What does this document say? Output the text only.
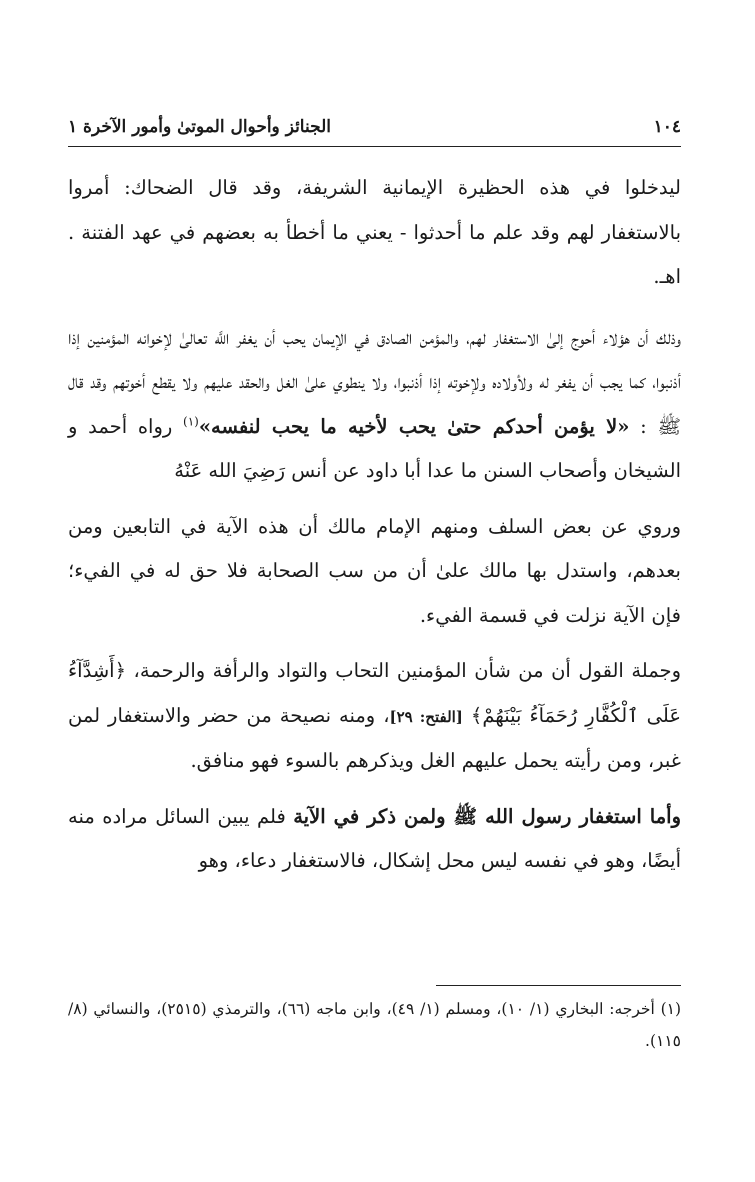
١٠٤
الجنائز وأحوال الموتىٰ وأمور الآخرة ١

ليدخلوا في هذه الحظيرة الإيمانية الشريفة، وقد قال الضحاك: أمروا بالاستغفار لهم وقد علم ما أحدثوا - يعني ما أخطأ به بعضهم في عهد الفتنة . اهـ.

وذلك أن هؤلاء أحوج إلىٰ الاستغفار لهم، والمؤمن الصادق في الإيمان يحب أن يغفر اللَّه تعالىٰ لإخوانه المؤمنين إذا أذنبوا، كما يجب أن يفغر له ولأولاده ولإخوته إذا أذنبوا، ولا ينطوي علىٰ الغل والحقد عليهم ولا يقطع أخوتهم وقد قال ﷺ : «لا يؤمن أحدكم حتىٰ يحب لأخيه ما يحب لنفسه»$^{(١)}$ رواه أحمد و الشيخان وأصحاب السنن ما عدا أبا داود عن أنس رَضِيَ الله عَنْهُ

وروي عن بعض السلف ومنهم الإمام مالك أن هذه الآية في التابعين ومن بعدهم، واستدل بها مالك علىٰ أن من سب الصحابة فلا حق له في الفيء؛ فإن الآية نزلت في قسمة الفيء.

وجملة القول أن من شأن المؤمنين التحاب والتواد والرأفة والرحمة، ﴿أَشِدَّآءُ عَلَى ٱلْكُفَّارِ رُحَمَآءُ بَيْنَهُمْ﴾ [الفتح: ٢٩]، ومنه نصيحة من حضر والاستغفار لمن غبر، ومن رأيته يحمل عليهم الغل ويذكرهم بالسوء فهو منافق.

وأما استغفار رسول الله ﷺ ولمن ذكر في الآية فلم يبين السائل مراده منه أيضًا، وهو في نفسه ليس محل إشكال، فالاستغفار دعاء، وهو

(١) أخرجه: البخاري (١/ ١٠)، ومسلم (١/ ٤٩)، وابن ماجه (٦٦)، والترمذي (٢٥١٥)، والنسائي (٨/ ١١٥).
